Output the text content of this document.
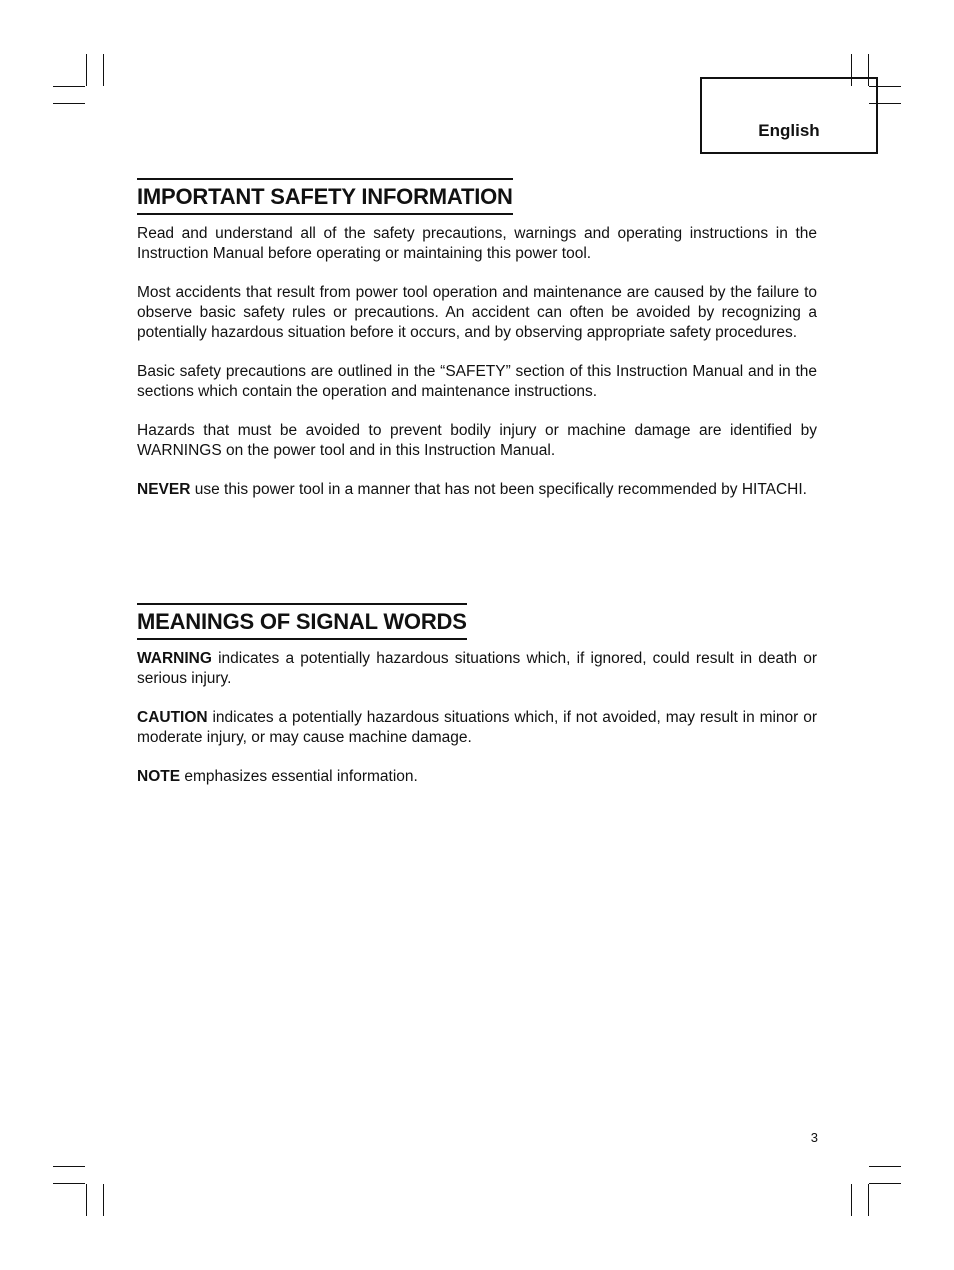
English
IMPORTANT SAFETY INFORMATION

Read and understand all of the safety precautions, warnings and operating instructions in the Instruction Manual before operating or maintaining this power tool.

Most accidents that result from power tool operation and maintenance are caused by the failure to observe basic safety rules or precautions. An accident can often be avoided by recognizing a potentially hazardous situation before it occurs, and by observing appropriate safety procedures.

Basic safety precautions are outlined in the “SAFETY” section of this Instruction Manual and in the sections which contain the operation and maintenance instructions.

Hazards that must be avoided to prevent bodily injury or machine damage are identified by WARNINGS on the power tool and in this Instruction Manual.

NEVER use this power tool in a manner that has not been specifically recommended by HITACHI.

MEANINGS OF SIGNAL WORDS

WARNING indicates a potentially hazardous situations which, if ignored, could result in death or serious injury.

CAUTION indicates a potentially hazardous situations which, if not avoided, may result in minor or moderate injury, or may cause machine damage.

NOTE emphasizes essential information.

3
